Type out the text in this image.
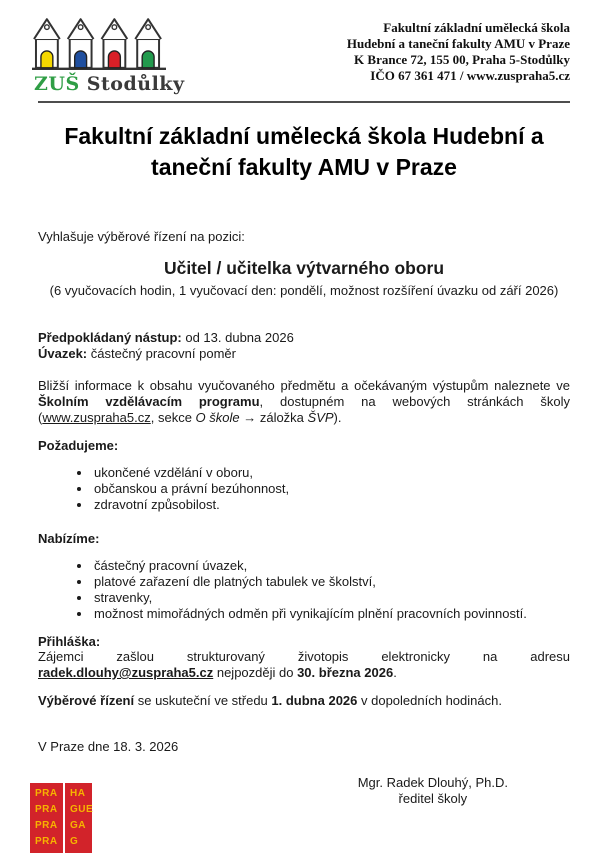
ZUŠ Stodůlky
Fakultní základní umělecká škola
Hudební a taneční fakulty AMU v Praze
K Brance 72, 155 00, Praha 5-Stodůlky
IČO 67 361 471 / www.zuspraha5.cz
Fakultní základní umělecká škola Hudební a taneční fakulty AMU v Praze

Vyhlašuje výběrové řízení na pozici:

Učitel / učitelka výtvarného oboru
(6 vyučovacích hodin, 1 vyučovací den: pondělí, možnost rozšíření úvazku od září 2026)
Předpokládaný nástup: od 13. dubna 2026
Úvazek: částečný pracovní poměr

Bližší informace k obsahu vyučovaného předmětu a očekávaným výstupům naleznete ve Školním vzdělávacím programu, dostupném na webových stránkách školy (www.zuspraha5.cz, sekce O škole → záložka ŠVP).

Požadujeme:
• ukončené vzdělání v oboru,
• občanskou a právní bezúhonnost,
• zdravotní způsobilost.
Nabízíme:
• částečný pracovní úvazek,
• platové zařazení dle platných tabulek ve školství,
• stravenky,
• možnost mimořádných odměn při vynikajícím plnění pracovních povinností.
Přihláška:

Zájemci zašlou strukturovaný životopis elektronicky na adresu radek.dlouhy@zuspraha5.cz nejpozději do 30. března 2026.

Výběrové řízení se uskuteční ve středu 1. dubna 2026 v dopoledních hodinách.

V Praze dne 18. 3. 2026

PRA
PRA
PRA
PRA
HA
GUE
GA
G
Mgr. Radek Dlouhý, Ph.D.
ředitel školy
